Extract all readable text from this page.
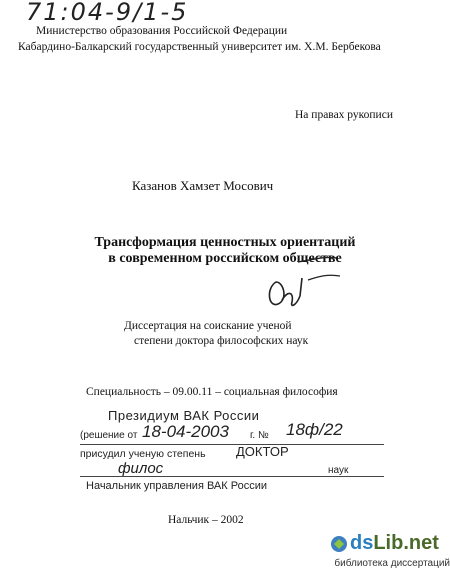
71:04-9/1-5
Министерство образования Российской Федерации
Кабардино-Балкарский государственный университет им. Х.М. Бербекова
На правах рукописи
Казанов Хамзет Мосович
Трансформация ценностных ориентаций
в современном российском обществе
Диссертация на соискание ученой
степени доктора философских наук
Специальность – 09.00.11 – социальная философия
Президиум ВАК России
(решение от 18-04-2003 г. № 18ф/22
присудил ученую степень ДОКТОР
филос	наук
Начальник управления ВАК России
Нальчик – 2002
dsLib.net
библиотека диссертаций
